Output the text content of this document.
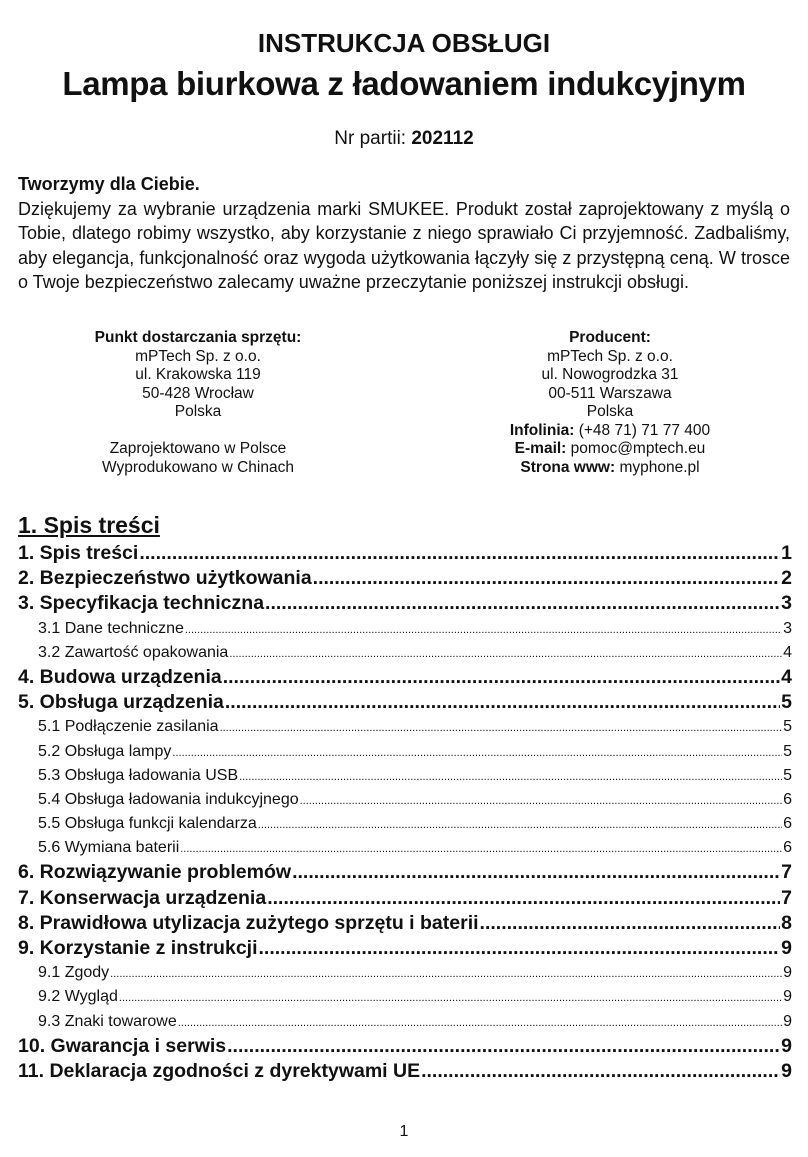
INSTRUKCJA OBSŁUGI
Lampa biurkowa z ładowaniem indukcyjnym
Nr partii: 202112
Tworzymy dla Ciebie.
Dziękujemy za wybranie urządzenia marki SMUKEE. Produkt został zaprojektowany z myślą o Tobie, dlatego robimy wszystko, aby korzystanie z niego sprawiało Ci przyjemność. Zadbaliśmy, aby elegancja, funkcjonalność oraz wygoda użytkowania łączyły się z przystępną ceną. W trosce o Twoje bezpieczeństwo zalecamy uważne przeczytanie poniższej instrukcji obsługi.
Punkt dostarczania sprzętu:
mPTech Sp. z o.o.
ul. Krakowska 119
50-428 Wrocław
Polska
Zaprojektowano w Polsce
Wyprodukowano w Chinach
Producent:
mPTech Sp. z o.o.
ul. Nowogrodzka 31
00-511 Warszawa
Polska
Infolinia: (+48 71) 71 77 400
E-mail: pomoc@mptech.eu
Strona www: myphone.pl
1. Spis treści
1. Spis treści .....	1
2. Bezpieczeństwo użytkowania .....	2
3. Specyfikacja techniczna .....	3
3.1 Dane techniczne .....	3
3.2 Zawartość opakowania .....	4
4. Budowa urządzenia .....	4
5. Obsługa urządzenia .....	5
5.1 Podłączenie zasilania .....	5
5.2 Obsługa lampy .....	5
5.3 Obsługa ładowania USB .....	5
5.4 Obsługa ładowania indukcyjnego .....	6
5.5 Obsługa funkcji kalendarza .....	6
5.6 Wymiana baterii .....	6
6. Rozwiązywanie problemów .....	7
7. Konserwacja urządzenia .....	7
8. Prawidłowa utylizacja zużytego sprzętu i baterii .....	8
9. Korzystanie z instrukcji .....	9
9.1 Zgody .....	9
9.2 Wygląd .....	9
9.3 Znaki towarowe .....	9
10. Gwarancja i serwis .....	9
11. Deklaracja zgodności z dyrektywami UE .....	9
1
